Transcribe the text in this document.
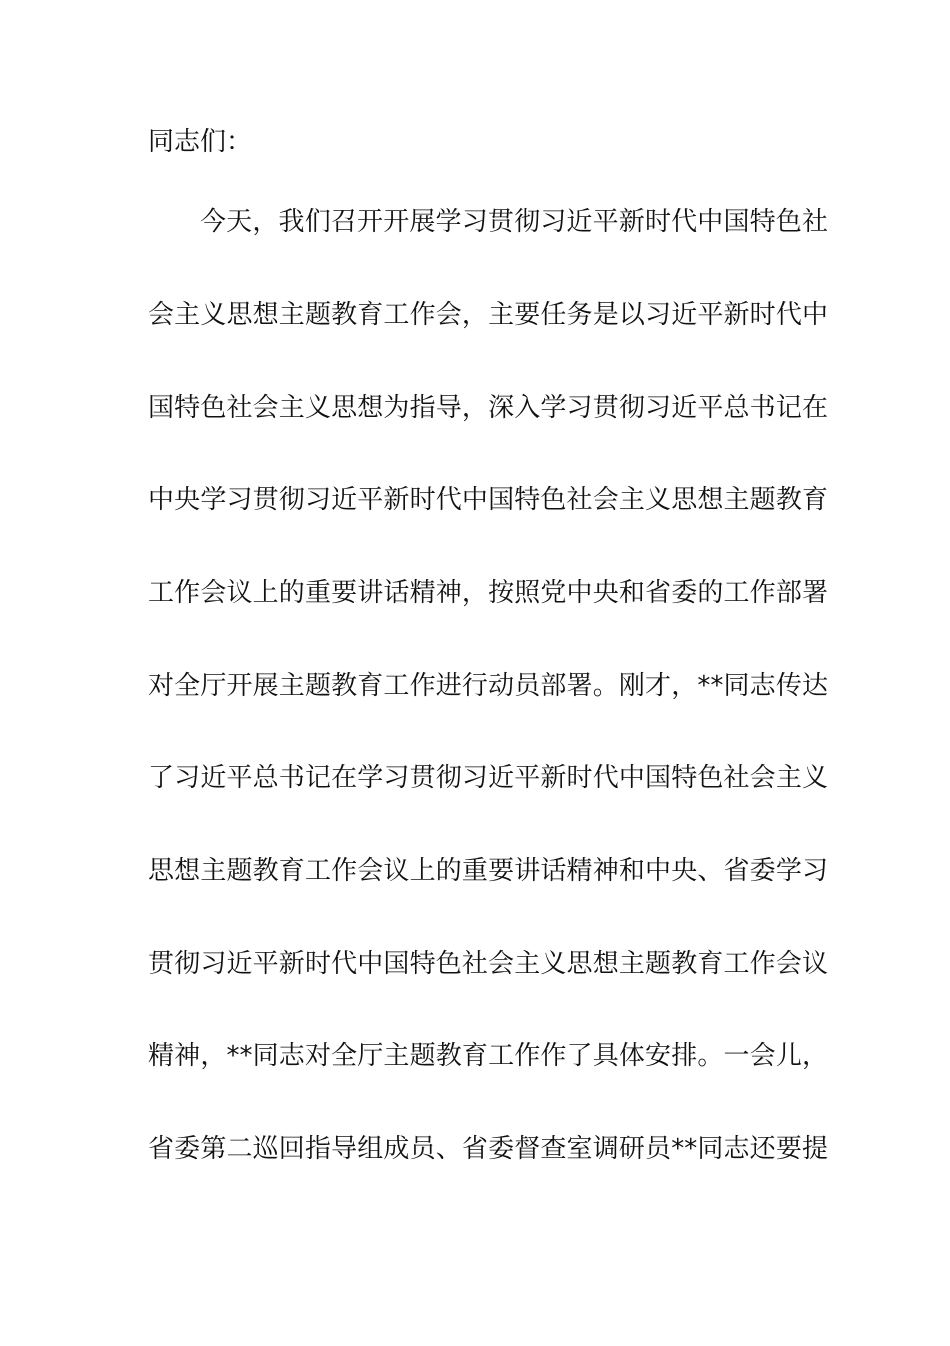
同志们：
今天，我们召开开展学习贯彻习近平新时代中国特色社
会主义思想主题教育工作会，主要任务是以习近平新时代中
国特色社会主义思想为指导，深入学习贯彻习近平总书记在
中央学习贯彻习近平新时代中国特色社会主义思想主题教育
工作会议上的重要讲话精神，按照党中央和省委的工作部署
对全厅开展主题教育工作进行动员部署。刚才，**同志传达
了习近平总书记在学习贯彻习近平新时代中国特色社会主义
思想主题教育工作会议上的重要讲话精神和中央、省委学习
贯彻习近平新时代中国特色社会主义思想主题教育工作会议
精神，**同志对全厅主题教育工作作了具体安排。一会儿，
省委第二巡回指导组成员、省委督查室调研员**同志还要提
